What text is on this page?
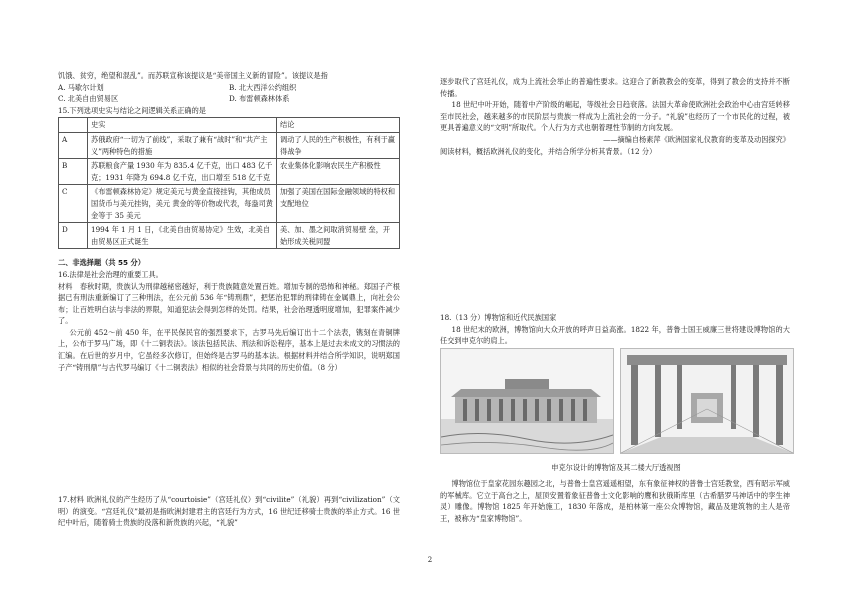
饥饿、贫穷，绝望和混乱”。而苏联宣称该提议是“美帝国主义新的冒险”。该提议是指

A. 马歇尔计划	B. 北大西洋公约组织
C. 北美自由贸易区	D. 布雷顿森林体系

15.下列选项史实与结论之间逻辑关系正确的是

	史实	结论
A	苏俄政府“一切为了前线”，采取了兼有“战时”和“共产主义”两种特色的措施	调动了人民的生产积极性，有利于赢得战争
B	苏联粮食产量 1930 年为 835.4 亿千克，出口 483 亿千克；1931 年降为 694.8 亿千克，出口增至 518 亿千克	农业集体化影响农民生产积极性
C	《布雷顿森林协定》规定美元与黄金直接挂钩，其他成员国货币与美元挂钩，美元 黄金的等价物或代表，每盎司黄金等于 35 美元	加强了美国在国际金融领域的特权和支配地位
D	1994 年 1 月 1 日，《北美自由贸易协定》生效，北美自 由贸易区正式诞生	美、加、墨之间取消贸易壁 垒，开始形成关税同盟

二、非选择题（共 55 分）

16.法律是社会治理的重要工具。

材料　春秋时期，贵族认为刑律越秘密越好，利于贵族随意处置百姓。增加专制的恐怖和神秘。郑国子产根据已有刑法重新编订了三种刑法，在公元前 536 年“铸刑鼎”，把惩治犯罪的刑律铸在金属鼎上，向社会公布；让百姓明白法与非法的界限，知道犯法会得到怎样的处罚。结果，社会治理透明度增加，犯罪案件减少了。

公元前 452～前 450 年，在平民保民官的强烈要求下，古罗马先后编订出十二个法表，镌刻在青铜牌上，公布于罗马广场，即《十二铜表法》。该法包括民法、刑法和诉讼程序，基本上是过去未成文的习惯法的汇编。在后世的岁月中，它虽经多次修订，但始终是古罗马的基本法。根据材料并结合所学知识，说明郑国子产“铸刑鼎”与古代罗马编订《十二铜表法》相似的社会背景与共同的历史价值。（8 分）

17.材料 欧洲礼仪的产生经历了从“courtoisie”（宫廷礼仪）到“civilite”（礼貌）再到“civilization”（文明）的演变。“宫廷礼仪”最初是指欧洲封建君主的宫廷行为方式，16 世纪迁移骑士贵族的举止方式。16 世纪中叶后，随着骑士贵族的没落和新贵族的兴起，“礼貌”

逐步取代了宫廷礼仪，成为上流社会举止的普遍性要求。这迎合了新教教会的变革，得到了教会的支持并不断传播。

18 世纪中叶开始，随着中产阶级的崛起，等级社会日趋衰落。法国大革命使欧洲社会政治中心由宫廷转移至市民社会，越来越多的市民阶层与贵族一样成为上流社会的一分子。“礼貌”也经历了一个市民化的过程，被更具普遍意义的“文明”所取代。个人行为方式也朝着理性节制的方向发展。

——摘编自杨素萍《欧洲国家礼仪教育的变革及动因探究》

阅读材料，概括欧洲礼仪的变化，并结合所学分析其背景。（12 分）

18.（13 分）博物馆和近代民族国家

18 世纪末的欧洲，博物馆向大众开放的呼声日益高涨。1822 年，普鲁士国王威廉三世将建设博物馆的大任交到申克尔的肩上。

申克尔设计的博物馆及其二楼大厅透视图

博物馆位于皇家花园东趣园之北，与普鲁士皇宫遥遥相望，东有象征神权的普鲁士宫廷教堂，西有昭示军威的军械库。它立于高台之上，屋顶安置着象征普鲁士文化影响的鹰和狄俄斯库里（古希腊罗马神话中的孪生神灵）雕像。博物馆 1825 年开始施工，1830 年落成，是柏林第一座公众博物馆，藏品及建筑物的主人是帝王，被称为“皇家博物馆”。

2
